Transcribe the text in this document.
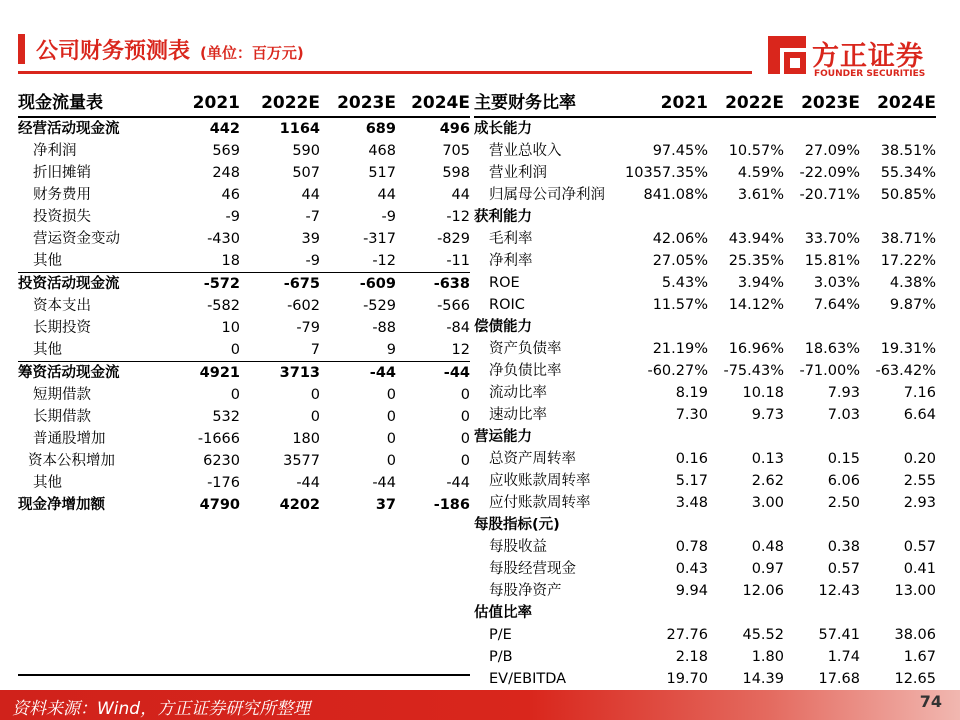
公司财务预测表 (单位：百万元)	方正证券
FOUNDER SECURITIES
现金流量表	2021	2022E	2023E	2024E
经营活动现金流	442	1164	689	496
净利润	569	590	468	705
折旧摊销	248	507	517	598
财务费用	46	44	44	44
投资损失	-9	-7	-9	-12
营运资金变动	-430	39	-317	-829
其他	18	-9	-12	-11
投资活动现金流	-572	-675	-609	-638
资本支出	-582	-602	-529	-566
长期投资	10	-79	-88	-84
其他	0	7	9	12
筹资活动现金流	4921	3713	-44	-44
短期借款	0	0	0	0
长期借款	532	0	0	0
普通股增加	-1666	180	0	0
资本公积增加	6230	3577	0	0
其他	-176	-44	-44	-44
现金净增加额	4790	4202	37	-186
主要财务比率	2021	2022E	2023E	2024E
成长能力				
营业总收入	97.45%	10.57%	27.09%	38.51%
营业利润	10357.35%	4.59%	-22.09%	55.34%
归属母公司净利润	841.08%	3.61%	-20.71%	50.85%
获利能力				
毛利率	42.06%	43.94%	33.70%	38.71%
净利率	27.05%	25.35%	15.81%	17.22%
ROE	5.43%	3.94%	3.03%	4.38%
ROIC	11.57%	14.12%	7.64%	9.87%
偿债能力				
资产负债率	21.19%	16.96%	18.63%	19.31%
净负债比率	-60.27%	-75.43%	-71.00%	-63.42%
流动比率	8.19	10.18	7.93	7.16
速动比率	7.30	9.73	7.03	6.64
营运能力				
总资产周转率	0.16	0.13	0.15	0.20
应收账款周转率	5.17	2.62	6.06	2.55
应付账款周转率	3.48	3.00	2.50	2.93
每股指标(元)				
每股收益	0.78	0.48	0.38	0.57
每股经营现金	0.43	0.97	0.57	0.41
每股净资产	9.94	12.06	12.43	13.00
估值比率				
P/E	27.76	45.52	57.41	38.06
P/B	2.18	1.80	1.74	1.67
EV/EBITDA	19.70	14.39	17.68	12.65
资料来源：Wind，方正证券研究所整理	74
